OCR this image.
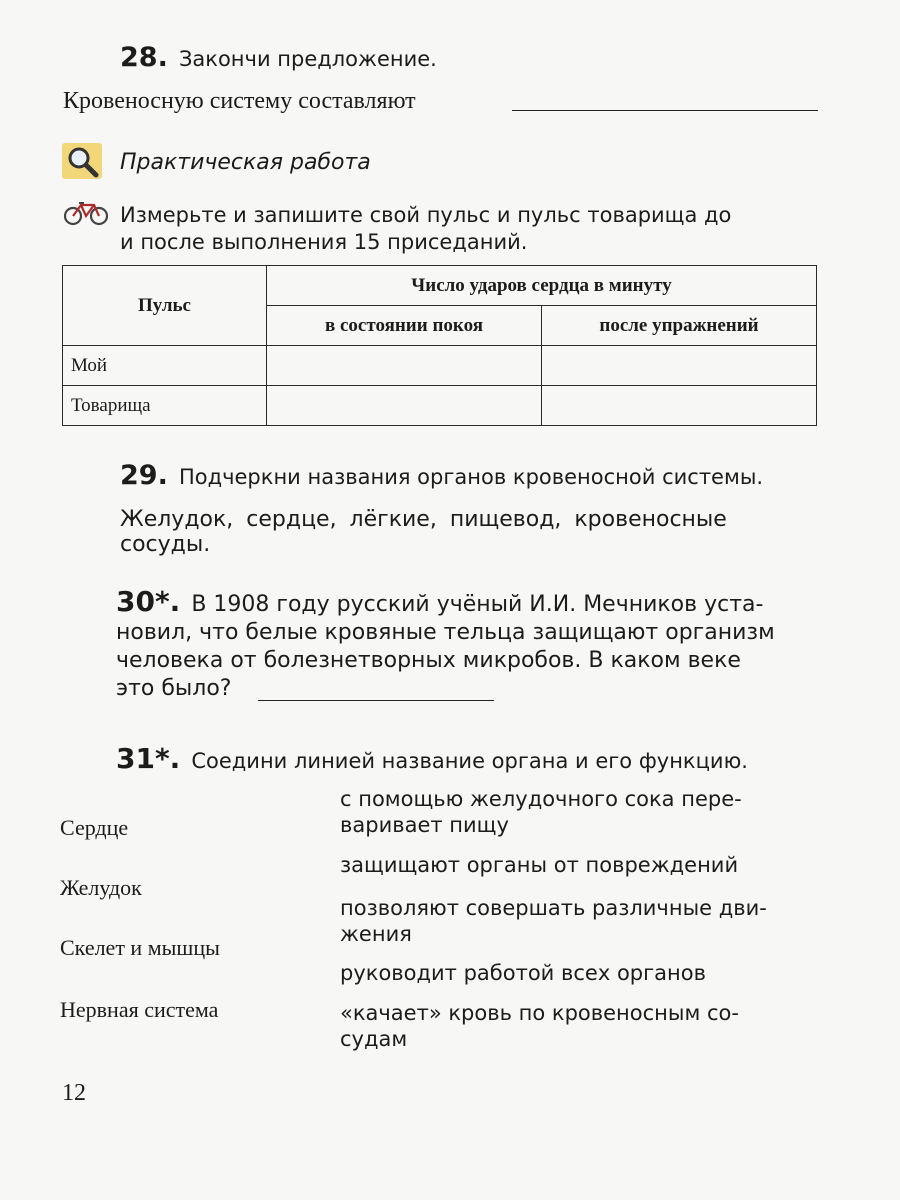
28. Закончи предложение.
Кровеносную систему составляют
Практическая работа
Измерьте и запишите свой пульс и пульс товарища до
и после выполнения 15 приседаний.
Пульс	Число ударов сердца в минуту	
	в состоянии покоя	после упражнений
Мой		
Товарища		
29. Подчеркни названия органов кровеносной системы.
Желудок, сердце, лёгкие, пищевод, кровеносные
сосуды.
30*. В 1908 году русский учёный И.И. Мечников уста-
новил, что белые кровяные тельца защищают организм
человека от болезнетворных микробов. В каком веке
это было?
31*. Соедини линией название органа и его функцию.
Сердце
Желудок
Скелет и мышцы
Нервная система
с помощью желудочного сока пере-
варивает пищу
защищают органы от повреждений
позволяют совершать различные дви-
жения
руководит работой всех органов
«качает» кровь по кровеносным со-
судам
12
